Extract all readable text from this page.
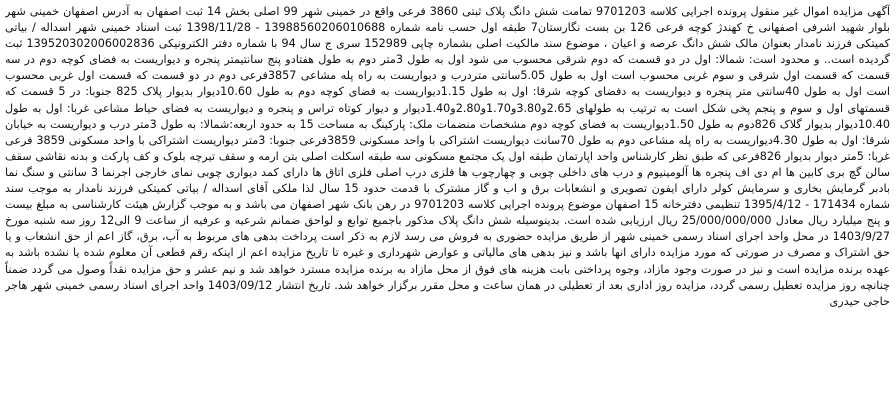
آگهی مزایده اموال غیر منقول پرونده اجرایی کلاسه 9701203 تمامت شش دانگ پلاک ثبتی 3860 فرعی واقع در خمینی شهر 99 اصلی بخش 14 ثبت اصفهان به آدرس اصفهان خمینی شهر بلوار شهید اشرفی اصفهانی خ کهندژ کوچه فرعی 126 بن بست نگارستان7 طبقه اول حسب نامه شماره 13988560206010688 - 1398/11/28 ثبت اسناد خمینی شهر اسداله / بیاتی کمیتکی فرزند نامدار بعنوان مالک شش دانگ عرصه و اعیان ، موضوع سند مالکیت اصلی بشماره چاپی 152989 سری ج سال 94 با شماره دفتر الکترونیکی 139520302006002836 ثبت گردیده است.. و محدود است: شمالا: اول در دو قسمت که دوم شرقی محسوب می شود اول به طول 3متر دوم به طول هفتادو پنج سانتیمتر پنجره و دیواریست به فضای کوچه دوم در سه قسمت که قسمت اول شرقی و سوم غربی محسوب است اول به طول 5.05سانتی متردرب و دیواریست به راه پله مشاعی 3857فرعی دوم در دو قسمت که قسمت اول غربی محسوب است اول به طول 40سانتی متر پنجره و دیواریست به دفضای کوچه شرقا: اول به طول 1.15دیواریست به فضای کوچه دوم به طول 10.60دیوار بدیوار پلاک 825 جنوبا: در 5 قسمت که قسمتهای اول و سوم و پنجم پخی شکل است به ترتیب به طولهای 2.65و3.80و1.70و2.80و1.40دیوار و دیوار کوتاه تراس و پنجره و دیواریست به فضای حیاط مشاعی غربا: اول به طول 10.40دیوار بدیوار گلاک 826دوم به طول 1.50دیواریست به فضای کوچه دوم مشخصات منضمات ملک: پارکینگ به مساحت 15 به حدود اربعه:شمالا: به طول 3متر درب و دیواریست به خیابان شرقا: اول به طول 4.30دیواریست به راه پله مشاعی دوم به طول 70سانت دیواریست اشتراکی با واحد مسکونی 3859فرعی جنوبا: 3متر دیواریست اشتراکی با واحد مسکونی 3859 فرعی غربا: 5متر دیوار بدیوار 826فرعی که طبق نظر کارشناس واحد اپارتمان طبقه اول یک مجتمع مسکونی سه طبقه اسکلت اصلی بتن ارمه و سقف تیرچه بلوک و کف پارکت و بدنه نقاشی سقف سالن گچ بری کابین ها ام دی اف پنجره ها آلومینیوم و درب های داخلی چوبی و چهارچوب ها فلزی درب اصلی فلزی اتاق ها دارای کمد دیواری چوبی نمای خارجی اجرنما 3 سانتی و سنگ نما بادبر گرمایش بخاری و سرمایش کولر دارای ایفون تصویری و انشعابات برق و اب و گاز مشترک با قدمت حدود 15 سال لذا ملکی آقای اسداله / بیاتی کمیتکی فرزند نامدار به موجب سند شماره 171434 - 1395/4/12 تنظیمی دفترخانه 15 اصفهان موضوع پرونده اجرایی کلاسه 9701203 در رهن بانک شهر اصفهان می باشد و به موجب گزارش هیئت کارشناسی به مبلغ بیست و پنج میلیارد ریال معادل 25/000/000/000 ریال ارزیابی شده است. بدینوسیله شش دانگ پلاک مذکور باجمیع توابع و لواحق ضمانم شرعیه و عرفیه از ساعت 9 الی12 روز سه شنبه مورخ 1403/9/27 در محل واحد اجرای اسناد رسمی خمینی شهر از طریق مزایده حضوری به فروش می رسد لازم به ذکر است پرداخت بدهی های مربوط به آب، برق، گاز اعم از حق انشعاب و یا حق اشتراک و مصرف در صورتی که مورد مزایده دارای انها باشد و نیز بدهی های مالیاتی و عوارض شهرداری و غیره تا تاریخ مزایده اعم از اینکه رقم قطعی آن معلوم شده یا نشده باشد به عهده برنده مزایده است و نیز در صورت وجود مازاد، وجوه پرداختی بابت هزینه های فوق از محل مازاد به برنده مزایده مسترد خواهد شد و نیم عشر و حق مزایده نقداً وصول می گردد ضمناً چنانچه روز مزایده تعطیل رسمی گردد، مزایده روز اداری بعد از تعطیلی در همان ساعت و محل مقرر برگزار خواهد شد. تاریخ انتشار 1403/09/12 واحد اجرای اسناد رسمی خمینی شهر هاجر حاجی حیدری
